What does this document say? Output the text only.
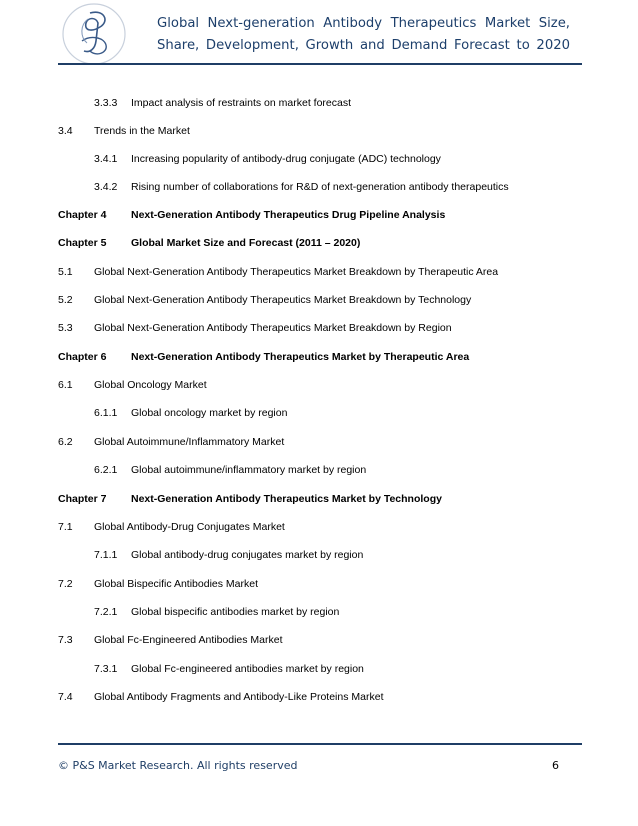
Global Next-generation Antibody Therapeutics Market Size,
Share, Development, Growth and Demand Forecast to 2020
3.3.3 Impact analysis of restraints on market forecast
3.4 Trends in the Market
3.4.1 Increasing popularity of antibody-drug conjugate (ADC) technology
3.4.2 Rising number of collaborations for R&D of next-generation antibody therapeutics
Chapter 4 Next-Generation Antibody Therapeutics Drug Pipeline Analysis
Chapter 5 Global Market Size and Forecast (2011 – 2020)
5.1 Global Next-Generation Antibody Therapeutics Market Breakdown by Therapeutic Area
5.2 Global Next-Generation Antibody Therapeutics Market Breakdown by Technology
5.3 Global Next-Generation Antibody Therapeutics Market Breakdown by Region
Chapter 6 Next-Generation Antibody Therapeutics Market by Therapeutic Area
6.1 Global Oncology Market
6.1.1 Global oncology market by region
6.2 Global Autoimmune/Inflammatory Market
6.2.1 Global autoimmune/inflammatory market by region
Chapter 7 Next-Generation Antibody Therapeutics Market by Technology
7.1 Global Antibody-Drug Conjugates Market
7.1.1 Global antibody-drug conjugates market by region
7.2 Global Bispecific Antibodies Market
7.2.1 Global bispecific antibodies market by region
7.3 Global Fc-Engineered Antibodies Market
7.3.1 Global Fc-engineered antibodies market by region
7.4 Global Antibody Fragments and Antibody-Like Proteins Market
© P&S Market Research. All rights reserved	6
